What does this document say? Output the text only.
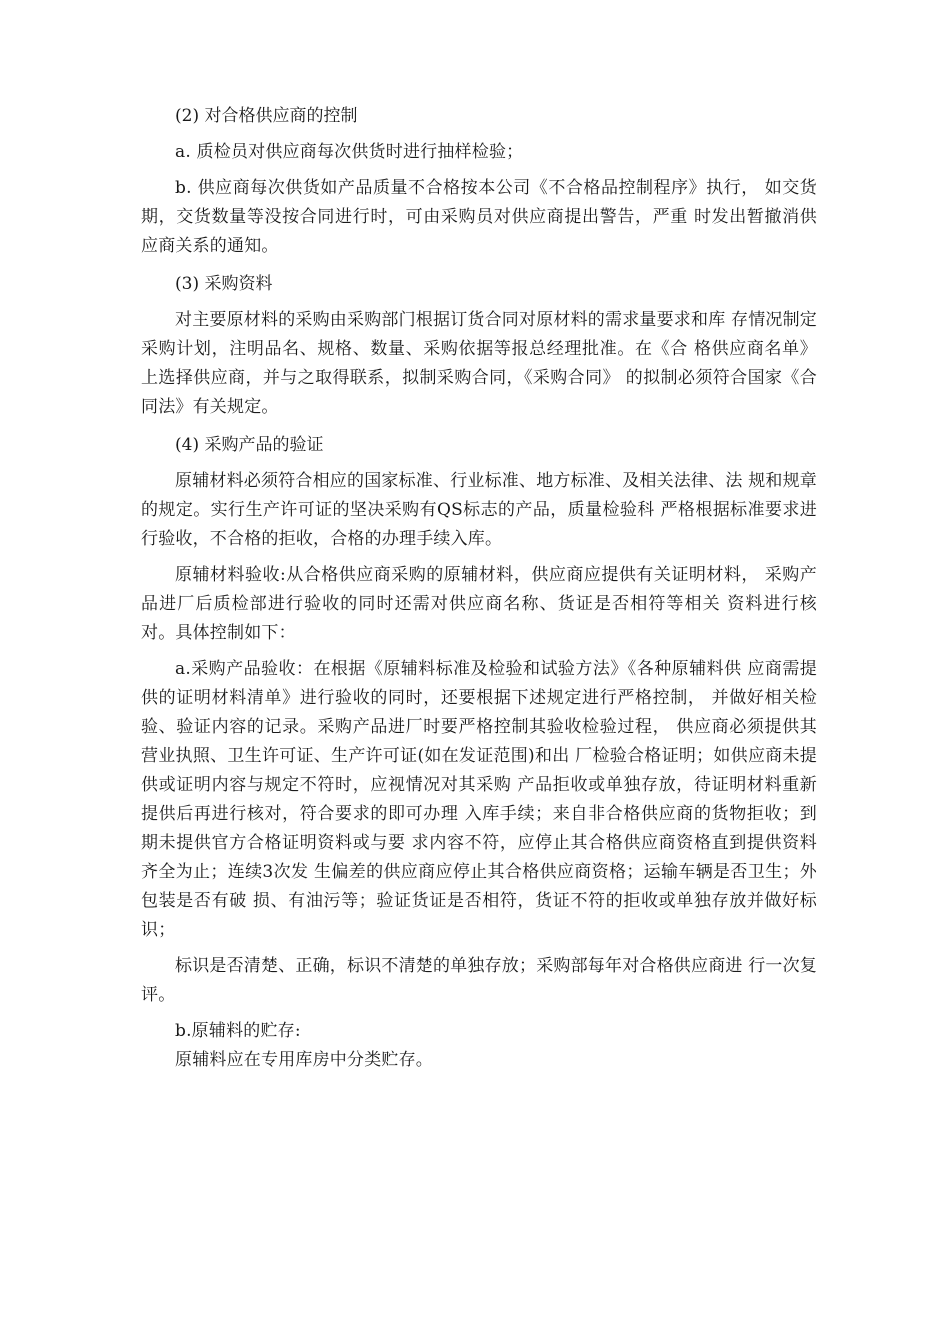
(2) 对合格供应商的控制

a. 质检员对供应商每次供货时进行抽样检验；

b. 供应商每次供货如产品质量不合格按本公司《不合格品控制程序》执行， 如交货期，交货数量等没按合同进行时，可由采购员对供应商提出警告，严重 时发出暂撤消供应商关系的通知。

(3) 采购资料

对主要原材料的采购由采购部门根据订货合同对原材料的需求量要求和库 存情况制定采购计划，注明品名、规格、数量、采购依据等报总经理批准。在《合 格供应商名单》上选择供应商，并与之取得联系，拟制采购合同，《采购合同》 的拟制必须符合国家《合同法》有关规定。

(4) 采购产品的验证

原辅材料必须符合相应的国家标准、行业标准、地方标准、及相关法律、法 规和规章的规定。实行生产许可证的坚决采购有QS标志的产品，质量检验科 严格根据标准要求进行验收，不合格的拒收，合格的办理手续入库。

原辅材料验收:从合格供应商采购的原辅材料，供应商应提供有关证明材料， 采购产品进厂后质检部进行验收的同时还需对供应商名称、货证是否相符等相关 资料进行核对。具体控制如下：

a.采购产品验收：在根据《原辅料标准及检验和试验方法》《各种原辅料供 应商需提供的证明材料清单》进行验收的同时，还要根据下述规定进行严格控制， 并做好相关检验、验证内容的记录。采购产品进厂时要严格控制其验收检验过程， 供应商必须提供其营业执照、卫生许可证、生产许可证(如在发证范围)和出 厂检验合格证明；如供应商未提供或证明内容与规定不符时，应视情况对其采购 产品拒收或单独存放，待证明材料重新提供后再进行核对，符合要求的即可办理 入库手续；来自非合格供应商的货物拒收；到期未提供官方合格证明资料或与要 求内容不符，应停止其合格供应商资格直到提供资料齐全为止；连续3次发 生偏差的供应商应停止其合格供应商资格；运输车辆是否卫生；外包装是否有破 损、有油污等；验证货证是否相符，货证不符的拒收或单独存放并做好标识；

标识是否清楚、正确，标识不清楚的单独存放；采购部每年对合格供应商进 行一次复评。

b.原辅料的贮存:

原辅料应在专用库房中分类贮存。
